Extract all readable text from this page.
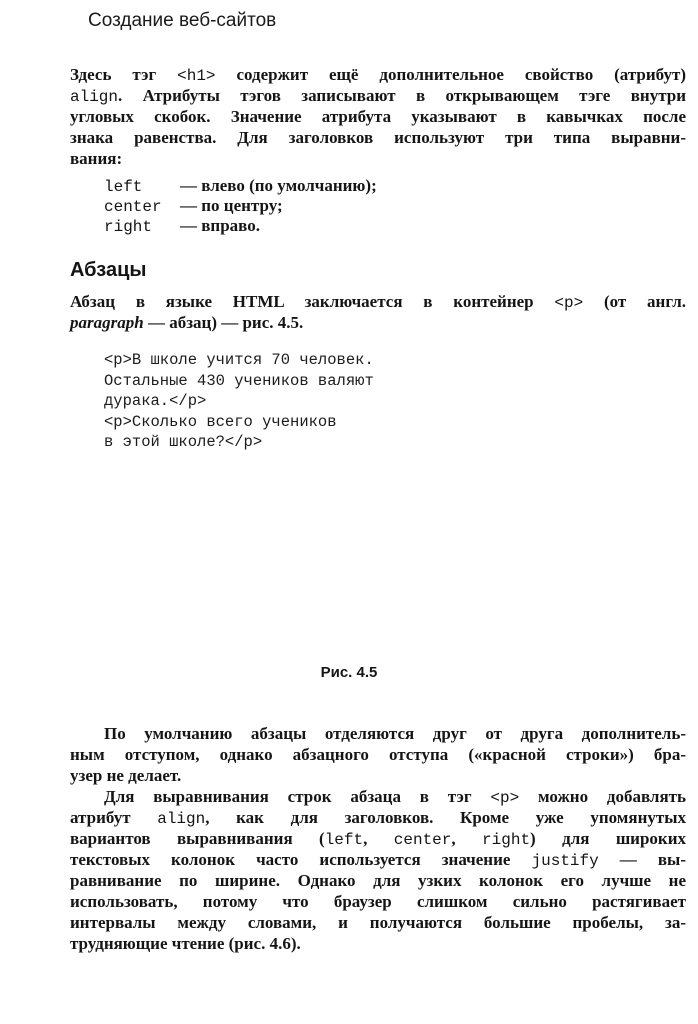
Создание веб-сайтов
Здесь тэг <h1> содержит ещё дополнительное свойство (атрибут)
align. Атрибуты тэгов записывают в открывающем тэге внутри
угловых скобок. Значение атрибута указывают в кавычках после
знака равенства. Для заголовков используют три типа выравни-
вания:
left — влево (по умолчанию);
center — по центру;
right — вправо.
Абзацы
Абзац в языке HTML заключается в контейнер <p> (от англ.
paragraph — абзац) — рис. 4.5.
<p>В школе учится 70 человек.
Остальные 430 учеников валяют
дурака.</p>
<p>Сколько всего учеников
в этой школе?</p>
Рис. 4.5
По умолчанию абзацы отделяются друг от друга дополнитель-
ным отступом, однако абзацного отступа («красной строки») бра-
узер не делает.
Для выравнивания строк абзаца в тэг <p> можно добавлять
атрибут align, как для заголовков. Кроме уже упомянутых
вариантов выравнивания (left, center, right) для широких
текстовых колонок часто используется значение justify — вы-
равнивание по ширине. Однако для узких колонок его лучше не
использовать, потому что браузер слишком сильно растягивает
интервалы между словами, и получаются большие пробелы, за-
трудняющие чтение (рис. 4.6).
